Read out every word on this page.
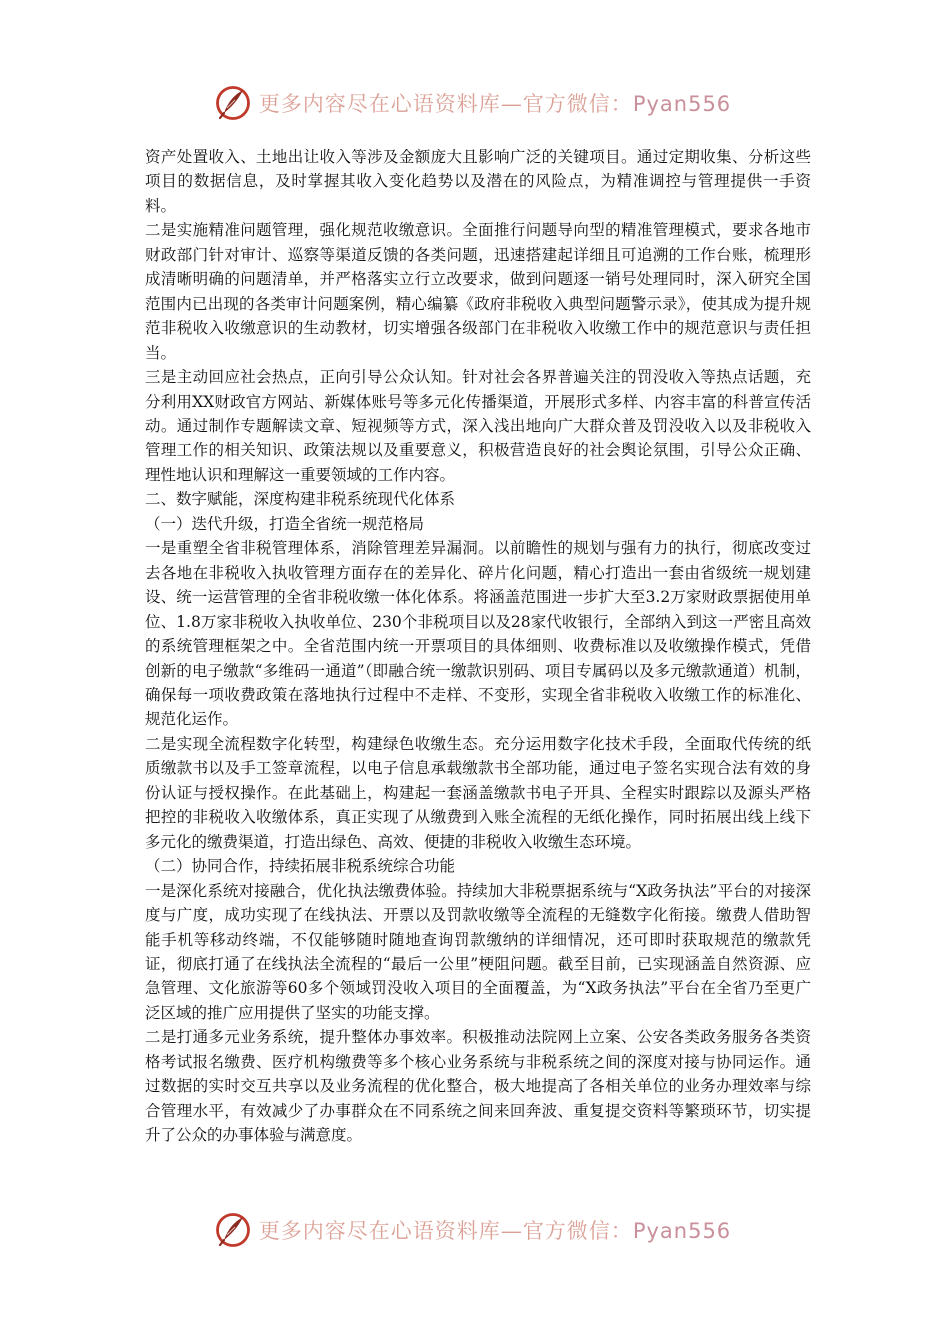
更多内容尽在心语资料库—官方微信：Pyan556

资产处置收入、土地出让收入等涉及金额庞大且影响广泛的关键项目。通过定期收集、分析这些项目的数据信息，及时掌握其收入变化趋势以及潜在的风险点，为精准调控与管理提供一手资料。

二是实施精准问题管理，强化规范收缴意识。全面推行问题导向型的精准管理模式，要求各地市财政部门针对审计、巡察等渠道反馈的各类问题，迅速搭建起详细且可追溯的工作台账，梳理形成清晰明确的问题清单，并严格落实立行立改要求，做到问题逐一销号处理同时，深入研究全国范围内已出现的各类审计问题案例，精心编纂《政府非税收入典型问题警示录》，使其成为提升规范非税收入收缴意识的生动教材，切实增强各级部门在非税收入收缴工作中的规范意识与责任担当。

三是主动回应社会热点，正向引导公众认知。针对社会各界普遍关注的罚没收入等热点话题，充分利用XX财政官方网站、新媒体账号等多元化传播渠道，开展形式多样、内容丰富的科普宣传活动。通过制作专题解读文章、短视频等方式，深入浅出地向广大群众普及罚没收入以及非税收入管理工作的相关知识、政策法规以及重要意义，积极营造良好的社会舆论氛围，引导公众正确、理性地认识和理解这一重要领域的工作内容。

二、数字赋能，深度构建非税系统现代化体系

（一）迭代升级，打造全省统一规范格局

一是重塑全省非税管理体系，消除管理差异漏洞。以前瞻性的规划与强有力的执行，彻底改变过去各地在非税收入执收管理方面存在的差异化、碎片化问题，精心打造出一套由省级统一规划建设、统一运营管理的全省非税收缴一体化体系。将涵盖范围进一步扩大至3.2万家财政票据使用单位、1.8万家非税收入执收单位、230个非税项目以及28家代收银行，全部纳入到这一严密且高效的系统管理框架之中。全省范围内统一开票项目的具体细则、收费标准以及收缴操作模式，凭借创新的电子缴款“多维码一通道”（即融合统一缴款识别码、项目专属码以及多元缴款通道）机制，确保每一项收费政策在落地执行过程中不走样、不变形，实现全省非税收入收缴工作的标准化、规范化运作。

二是实现全流程数字化转型，构建绿色收缴生态。充分运用数字化技术手段，全面取代传统的纸质缴款书以及手工签章流程，以电子信息承载缴款书全部功能，通过电子签名实现合法有效的身份认证与授权操作。在此基础上，构建起一套涵盖缴款书电子开具、全程实时跟踪以及源头严格把控的非税收入收缴体系，真正实现了从缴费到入账全流程的无纸化操作，同时拓展出线上线下多元化的缴费渠道，打造出绿色、高效、便捷的非税收入收缴生态环境。

（二）协同合作，持续拓展非税系统综合功能

一是深化系统对接融合，优化执法缴费体验。持续加大非税票据系统与“X政务执法”平台的对接深度与广度，成功实现了在线执法、开票以及罚款收缴等全流程的无缝数字化衔接。缴费人借助智能手机等移动终端，不仅能够随时随地查询罚款缴纳的详细情况，还可即时获取规范的缴款凭证，彻底打通了在线执法全流程的“最后一公里”梗阻问题。截至目前，已实现涵盖自然资源、应急管理、文化旅游等60多个领域罚没收入项目的全面覆盖，为“X政务执法”平台在全省乃至更广泛区域的推广应用提供了坚实的功能支撑。

二是打通多元业务系统，提升整体办事效率。积极推动法院网上立案、公安各类政务服务各类资格考试报名缴费、医疗机构缴费等多个核心业务系统与非税系统之间的深度对接与协同运作。通过数据的实时交互共享以及业务流程的优化整合，极大地提高了各相关单位的业务办理效率与综合管理水平，有效减少了办事群众在不同系统之间来回奔波、重复提交资料等繁琐环节，切实提升了公众的办事体验与满意度。

更多内容尽在心语资料库—官方微信：Pyan556
